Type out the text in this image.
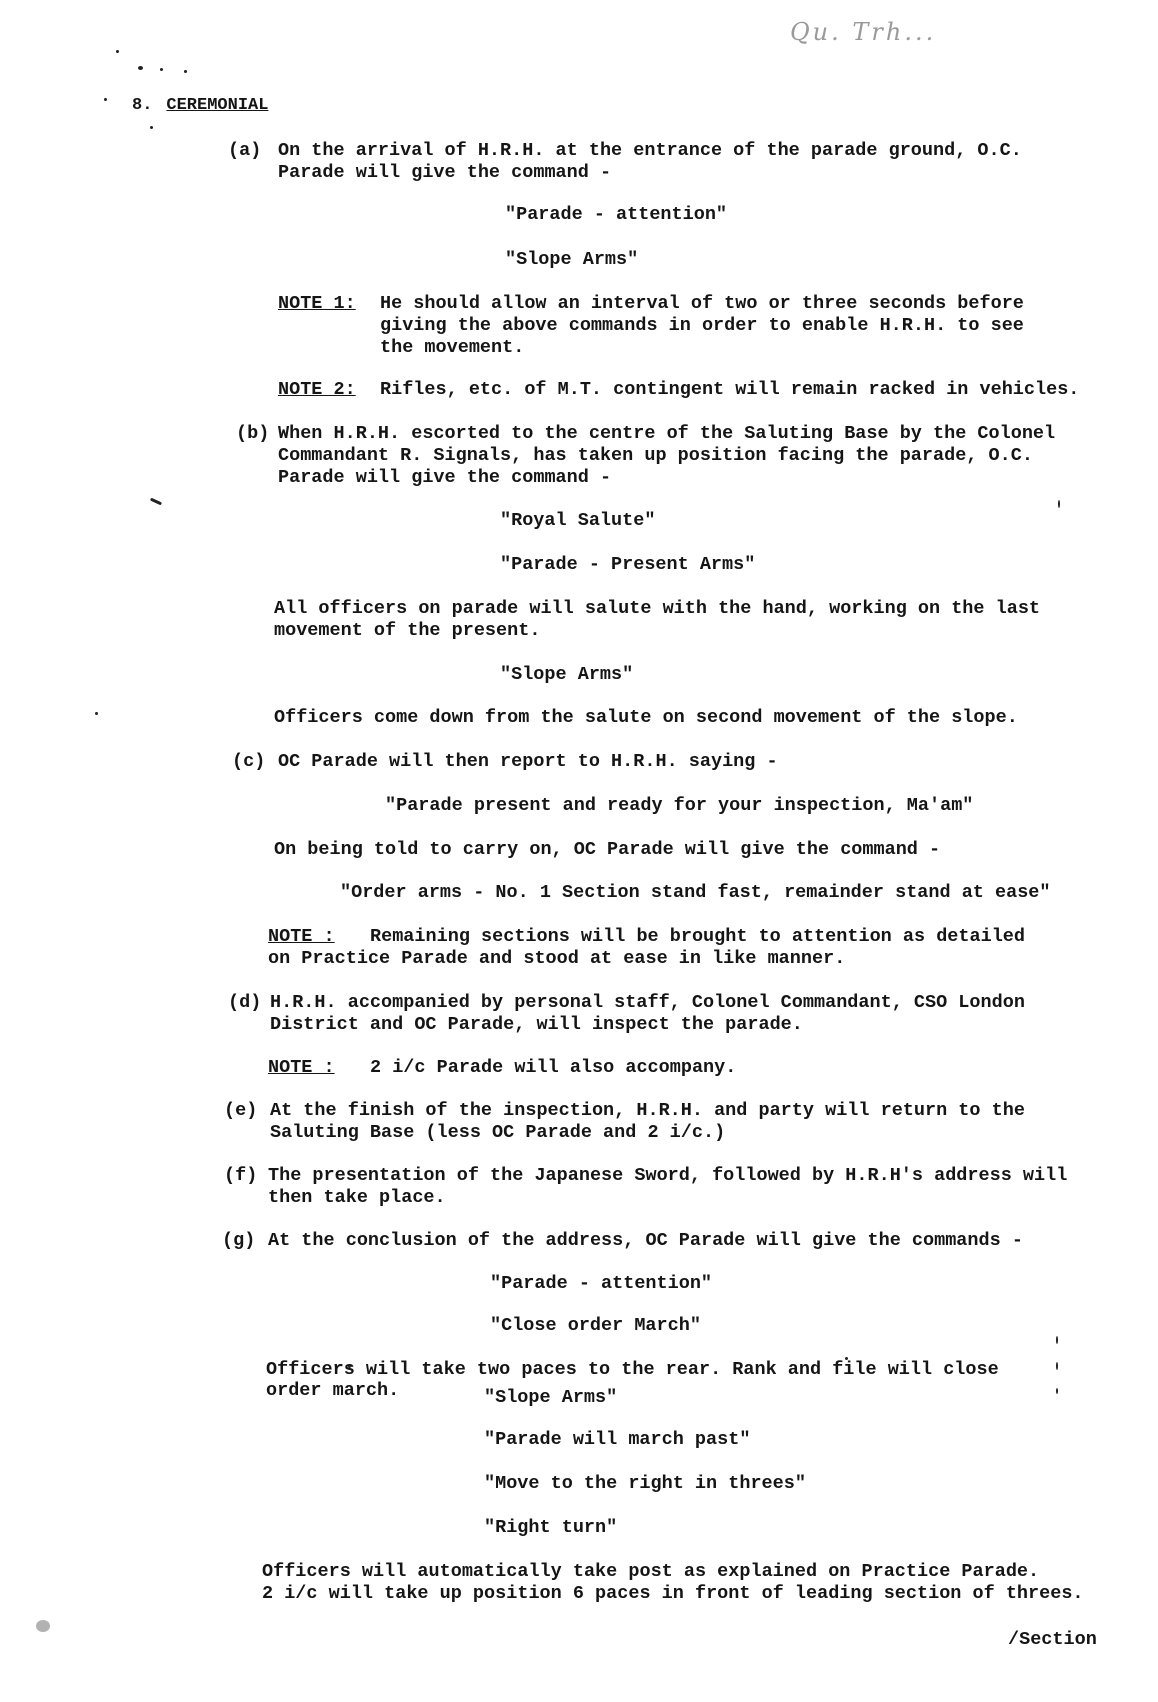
Qu. Trh...
8. CEREMONIAL
(a) On the arrival of H.R.H. at the entrance of the parade ground, O.C.
Parade will give the command -
"Parade - attention"
"Slope Arms"
NOTE 1: He should allow an interval of two or three seconds before
giving the above commands in order to enable H.R.H. to see
the movement.
NOTE 2: Rifles, etc. of M.T. contingent will remain racked in vehicles.
(b) When H.R.H. escorted to the centre of the Saluting Base by the Colonel
Commandant R. Signals, has taken up position facing the parade, O.C.
Parade will give the command -
"Royal Salute"
"Parade - Present Arms"
All officers on parade will salute with the hand, working on the last
movement of the present.
"Slope Arms"
Officers come down from the salute on second movement of the slope.
(c) OC Parade will then report to H.R.H. saying -
"Parade present and ready for your inspection, Ma'am"
On being told to carry on, OC Parade will give the command -
"Order arms - No. 1 Section stand fast, remainder stand at ease"
NOTE : Remaining sections will be brought to attention as detailed
on Practice Parade and stood at ease in like manner.
(d) H.R.H. accompanied by personal staff, Colonel Commandant, CSO London
District and OC Parade, will inspect the parade.
NOTE : 2 i/c Parade will also accompany.
(e) At the finish of the inspection, H.R.H. and party will return to the
Saluting Base (less OC Parade and 2 i/c.)
(f) The presentation of the Japanese Sword, followed by H.R.H's address will
then take place.
(g) At the conclusion of the address, OC Parade will give the commands -
"Parade - attention"
"Close order March"
Officers will take two paces to the rear. Rank and file will close
order march.	"Slope Arms"
"Parade will march past"
"Move to the right in threes"
"Right turn"
Officers will automatically take post as explained on Practice Parade.
2 i/c will take up position 6 paces in front of leading section of threes.
/Section
